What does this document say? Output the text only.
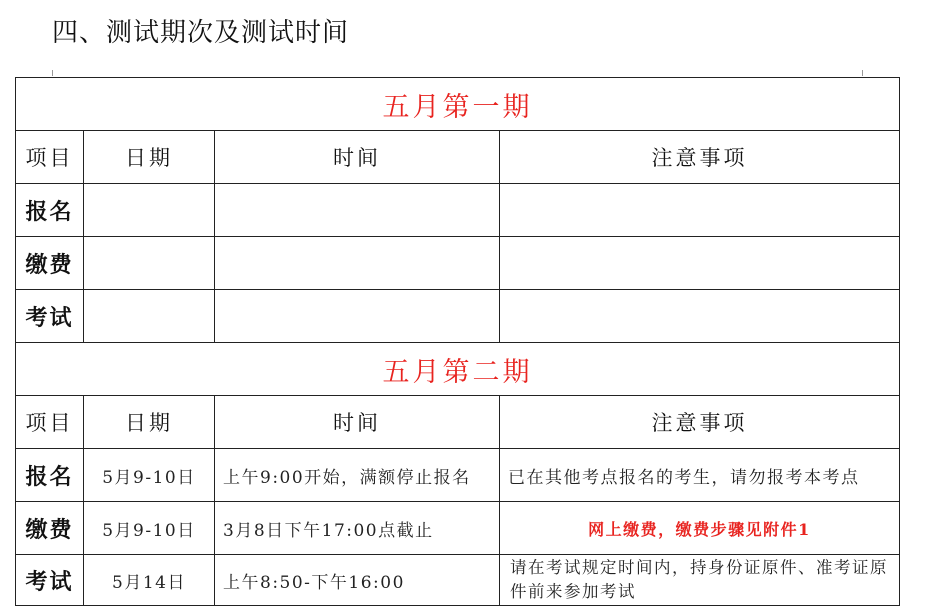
四、测试期次及测试时间
五月第一期			
项目	日期	时间	注意事项
报名			
缴费			
考试			
五月第二期			
项目	日期	时间	注意事项
报名	5月9-10日	上午9:00开始，满额停止报名	已在其他考点报名的考生，请勿报考本考点
缴费	5月9-10日	3月8日下午17:00点截止	网上缴费，缴费步骤见附件1
考试	5月14日	上午8:50-下午16:00	请在考试规定时间内，持身份证原件、准考证原件前来参加考试
